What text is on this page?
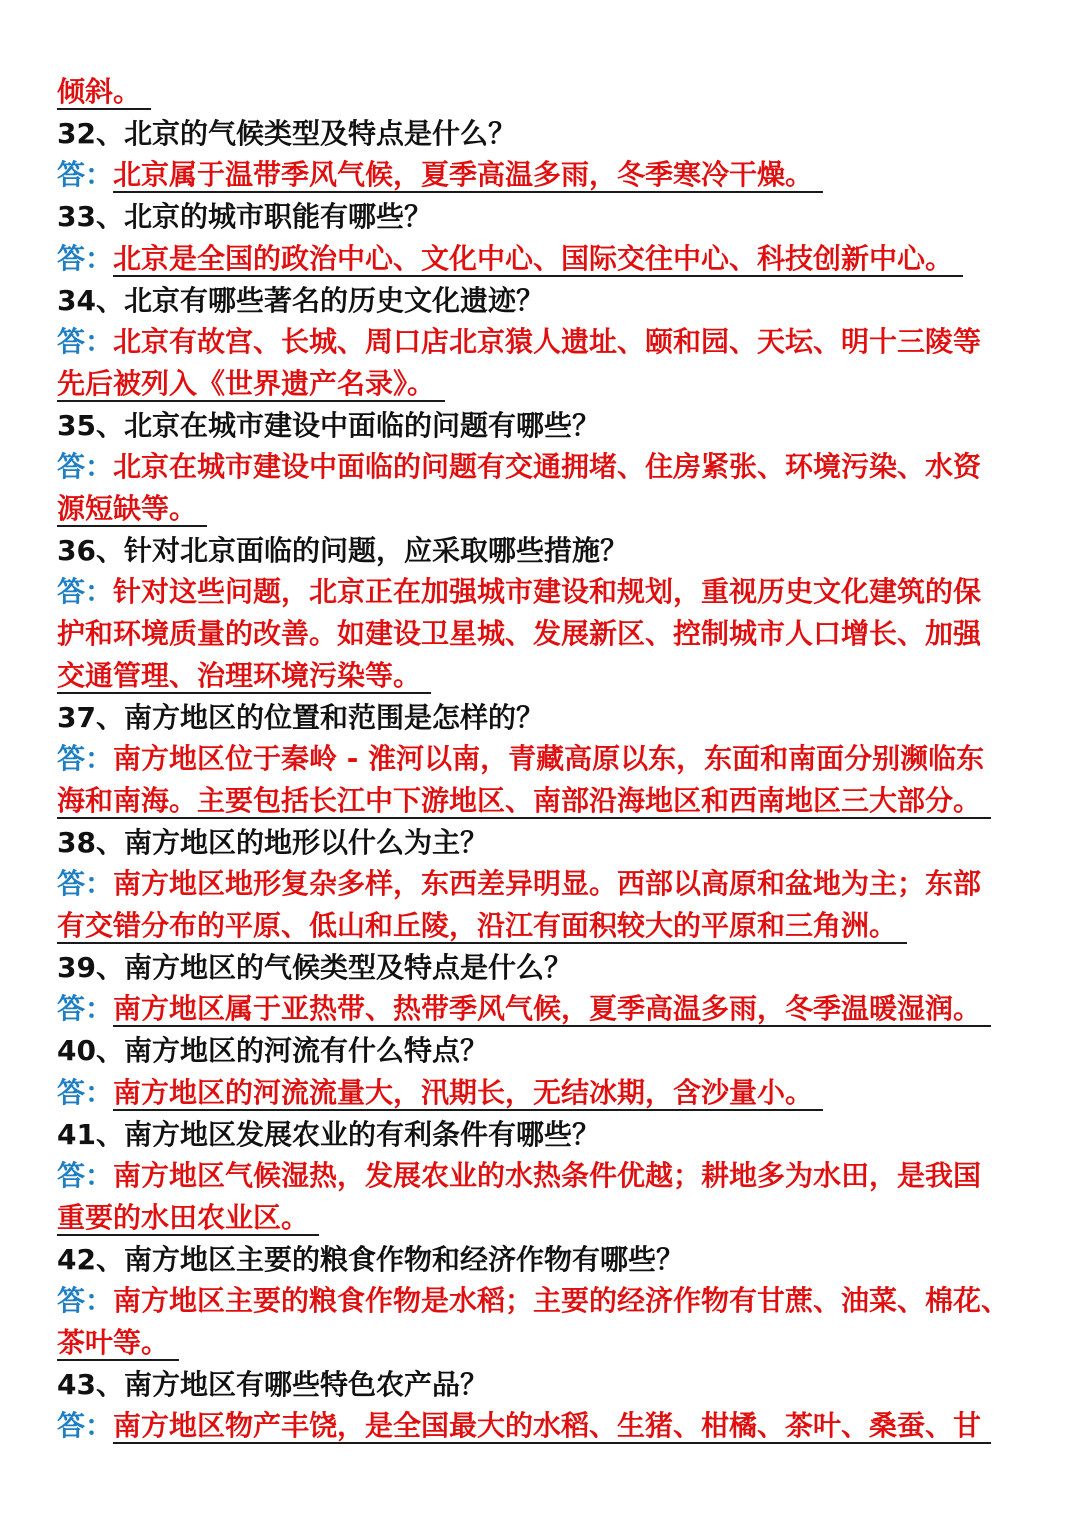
倾斜。
32、北京的气候类型及特点是什么？
答：北京属于温带季风气候，夏季高温多雨，冬季寒冷干燥。
33、北京的城市职能有哪些？
答：北京是全国的政治中心、文化中心、国际交往中心、科技创新中心。
34、北京有哪些著名的历史文化遗迹？
答：北京有故宫、长城、周口店北京猿人遗址、颐和园、天坛、明十三陵等
先后被列入《世界遗产名录》。
35、北京在城市建设中面临的问题有哪些？
答：北京在城市建设中面临的问题有交通拥堵、住房紧张、环境污染、水资
源短缺等。
36、针对北京面临的问题，应采取哪些措施？
答：针对这些问题，北京正在加强城市建设和规划，重视历史文化建筑的保
护和环境质量的改善。如建设卫星城、发展新区、控制城市人口增长、加强
交通管理、治理环境污染等。
37、南方地区的位置和范围是怎样的？
答：南方地区位于秦岭 - 淮河以南，青藏高原以东，东面和南面分别濒临东
海和南海。主要包括长江中下游地区、南部沿海地区和西南地区三大部分。
38、南方地区的地形以什么为主？
答：南方地区地形复杂多样，东西差异明显。西部以高原和盆地为主；东部
有交错分布的平原、低山和丘陵，沿江有面积较大的平原和三角洲。
39、南方地区的气候类型及特点是什么？
答：南方地区属于亚热带、热带季风气候，夏季高温多雨，冬季温暖湿润。
40、南方地区的河流有什么特点？
答：南方地区的河流流量大，汛期长，无结冰期，含沙量小。
41、南方地区发展农业的有利条件有哪些？
答：南方地区气候湿热，发展农业的水热条件优越；耕地多为水田，是我国
重要的水田农业区。
42、南方地区主要的粮食作物和经济作物有哪些？
答：南方地区主要的粮食作物是水稻；主要的经济作物有甘蔗、油菜、棉花、
茶叶等。
43、南方地区有哪些特色农产品？
答：南方地区物产丰饶，是全国最大的水稻、生猪、柑橘、茶叶、桑蚕、甘
